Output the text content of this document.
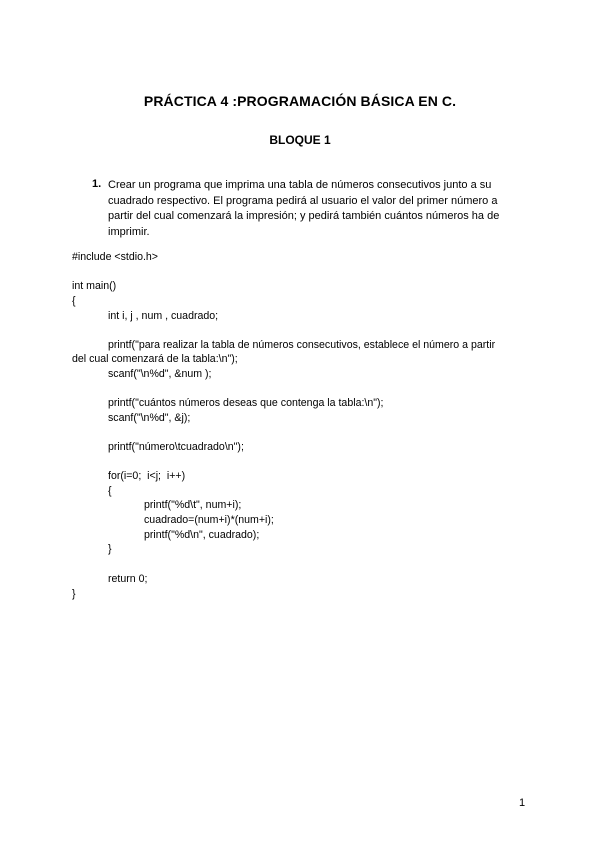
PRÁCTICA 4 :PROGRAMACIÓN BÁSICA EN C.
BLOQUE 1
1. Crear un programa que imprima una tabla de números consecutivos junto a su cuadrado respectivo. El programa pedirá al usuario el valor del primer número a partir del cual comenzará la impresión; y pedirá también cuántos números ha de imprimir.
#include <stdio.h>
int main()
{
int i, j , num , cuadrado;
printf("para realizar la tabla de números consecutivos, establece el número a partir
del cual comenzará de la tabla:\n");
scanf("\n%d", &num );
printf("cuántos números deseas que contenga la tabla:\n");
scanf("\n%d", &j);
printf("número\tcuadrado\n");
for(i=0;  i<j;  i++)
{
printf("%d\t", num+i);
cuadrado=(num+i)*(num+i);
printf("%d\n", cuadrado);
}
return 0;
}
1
